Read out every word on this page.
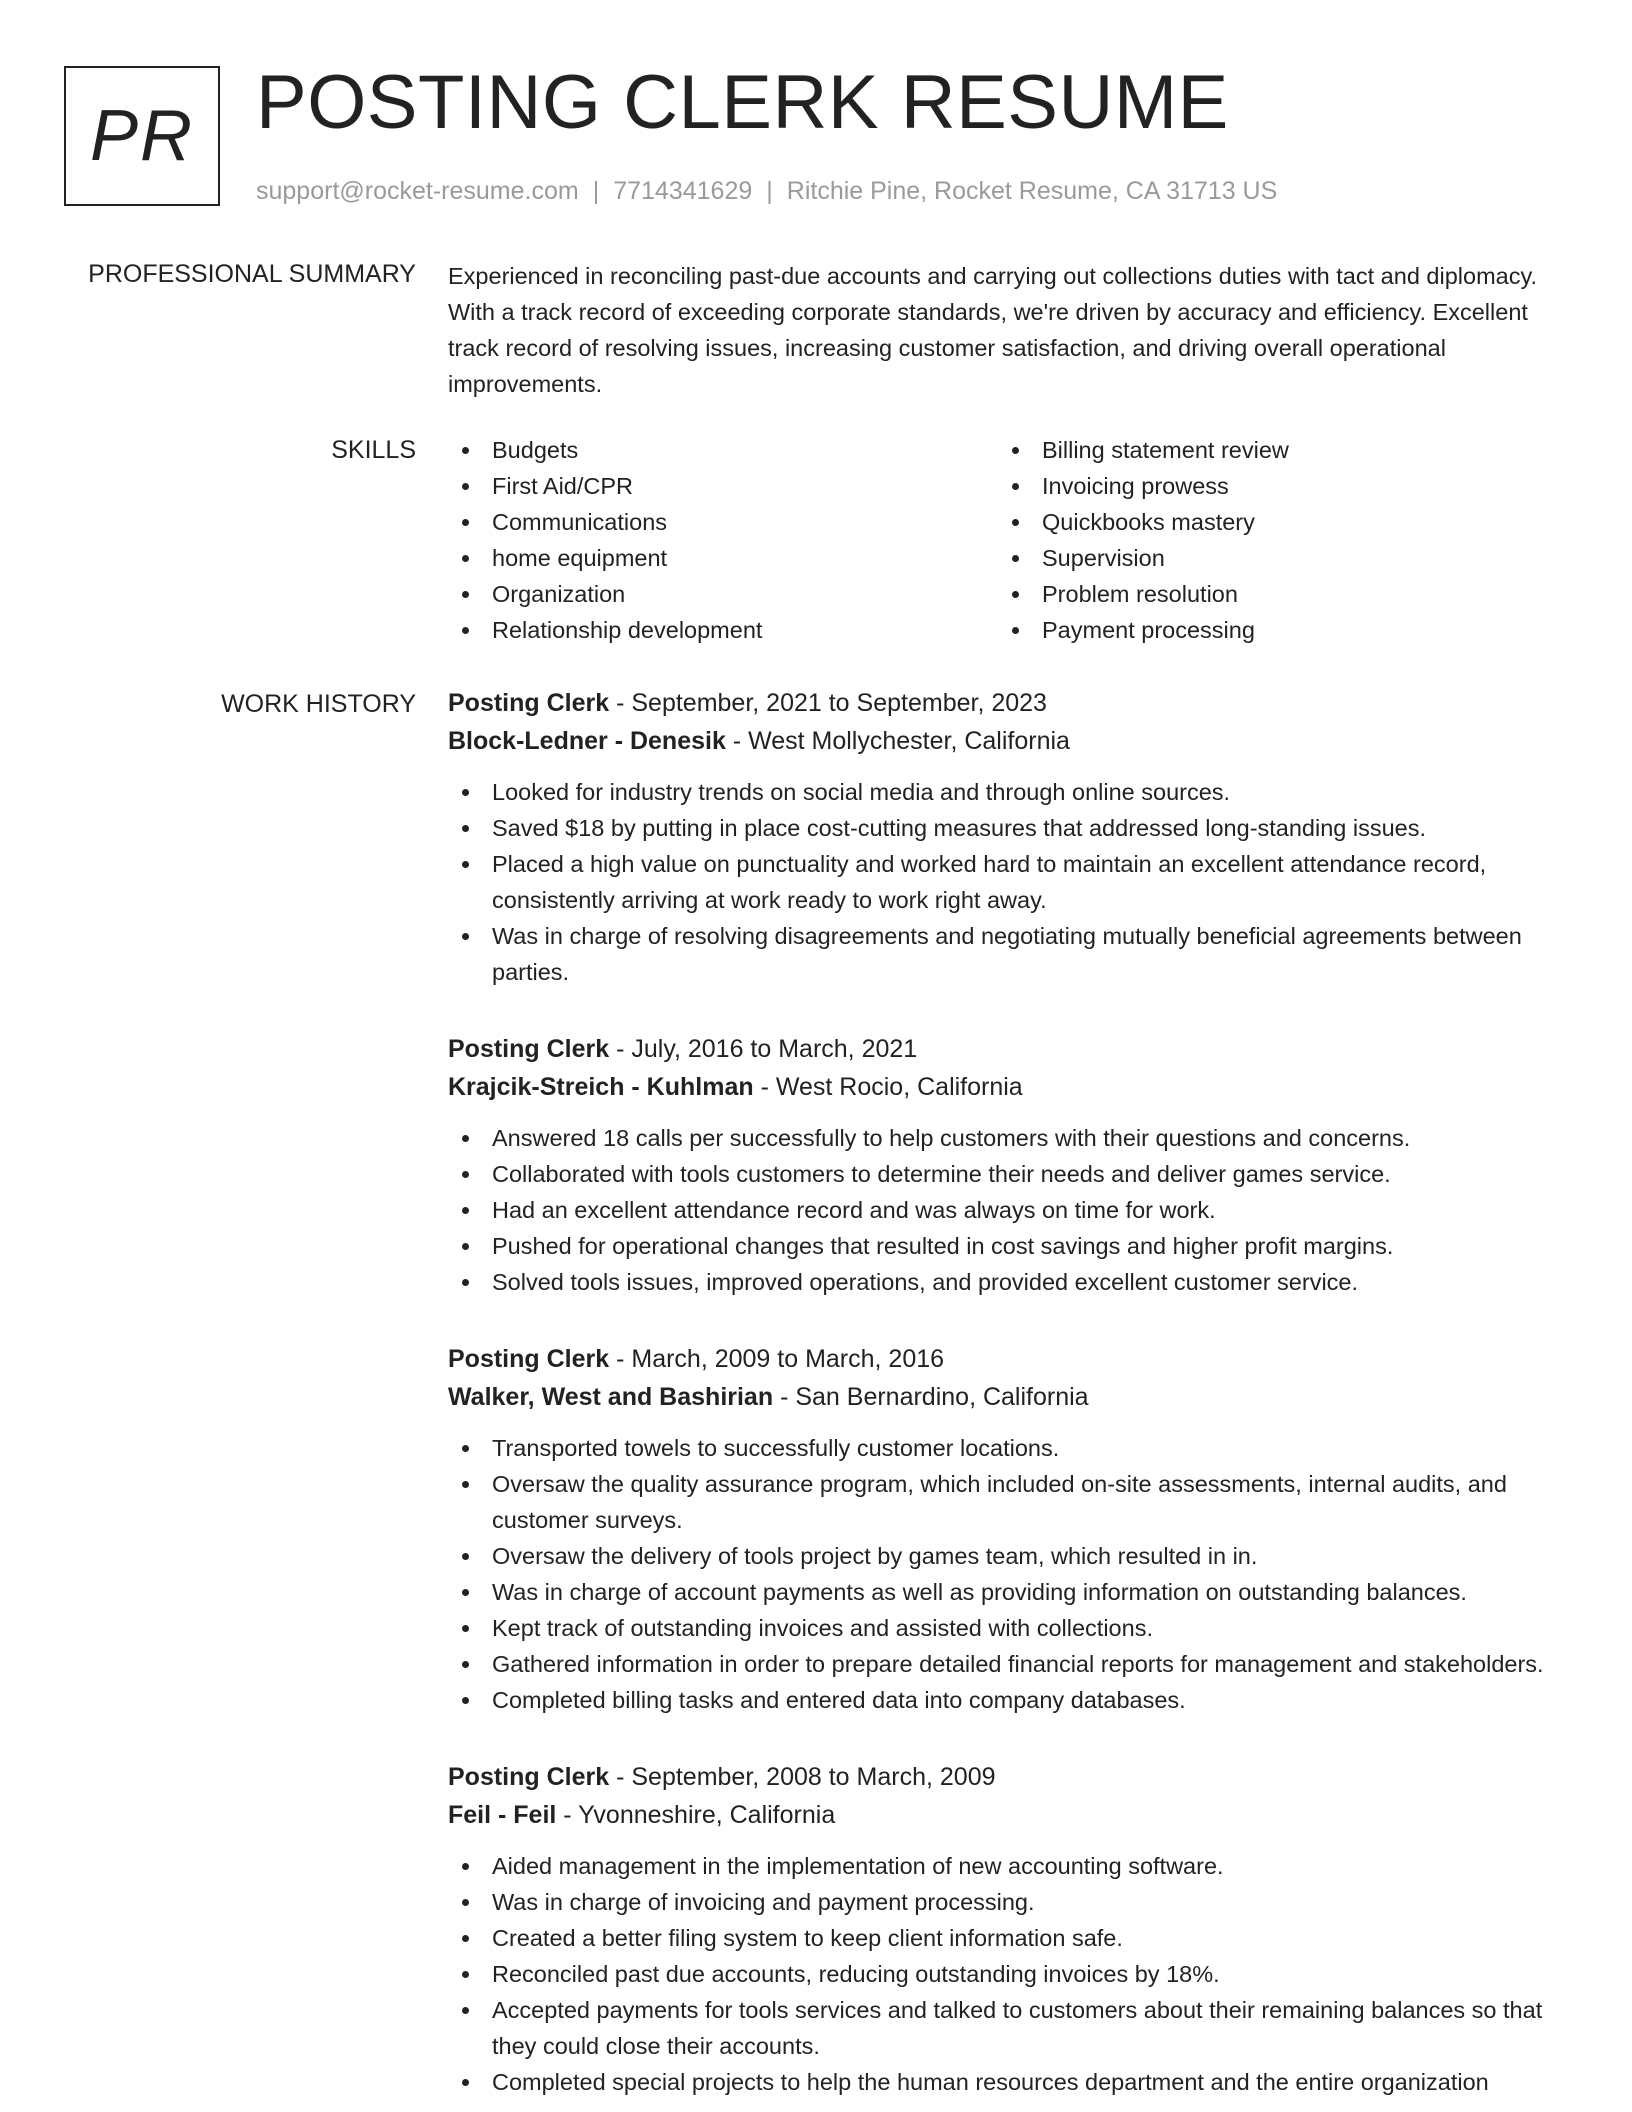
PR POSTING CLERK RESUME
support@rocket-resume.com | 7714341629 | Ritchie Pine, Rocket Resume, CA 31713 US
PROFESSIONAL SUMMARY Experienced in reconciling past-due accounts and carrying out collections duties with tact and diplomacy. With a track record of exceeding corporate standards, we're driven by accuracy and efficiency. Excellent track record of resolving issues, increasing customer satisfaction, and driving overall operational improvements.

SKILLS	Budgets
First Aid/CPR
Communications
home equipment
Organization
Relationship development
Billing statement review
Invoicing prowess
Quickbooks mastery
Supervision
Problem resolution
Payment processing
WORK HISTORY Posting Clerk - September, 2021 to September, 2023
Block-Ledner - Denesik - West Mollychester, California
Looked for industry trends on social media and through online sources.
Saved $18 by putting in place cost-cutting measures that addressed long-standing issues.
Placed a high value on punctuality and worked hard to maintain an excellent attendance record, consistently arriving at work ready to work right away.
Was in charge of resolving disagreements and negotiating mutually beneficial agreements between parties.
Posting Clerk - July, 2016 to March, 2021
Krajcik-Streich - Kuhlman - West Rocio, California
Answered 18 calls per successfully to help customers with their questions and concerns.
Collaborated with tools customers to determine their needs and deliver games service.
Had an excellent attendance record and was always on time for work.
Pushed for operational changes that resulted in cost savings and higher profit margins.
Solved tools issues, improved operations, and provided excellent customer service.
Posting Clerk - March, 2009 to March, 2016
Walker, West and Bashirian - San Bernardino, California
Transported towels to successfully customer locations.
Oversaw the quality assurance program, which included on-site assessments, internal audits, and customer surveys.
Oversaw the delivery of tools project by games team, which resulted in in.
Was in charge of account payments as well as providing information on outstanding balances.
Kept track of outstanding invoices and assisted with collections.
Gathered information in order to prepare detailed financial reports for management and stakeholders.
Completed billing tasks and entered data into company databases.
Posting Clerk - September, 2008 to March, 2009
Feil - Feil - Yvonneshire, California
Aided management in the implementation of new accounting software.
Was in charge of invoicing and payment processing.
Created a better filing system to keep client information safe.
Reconciled past due accounts, reducing outstanding invoices by 18%.
Accepted payments for tools services and talked to customers about their remaining balances so that they could close their accounts.
Completed special projects to help the human resources department and the entire organization
